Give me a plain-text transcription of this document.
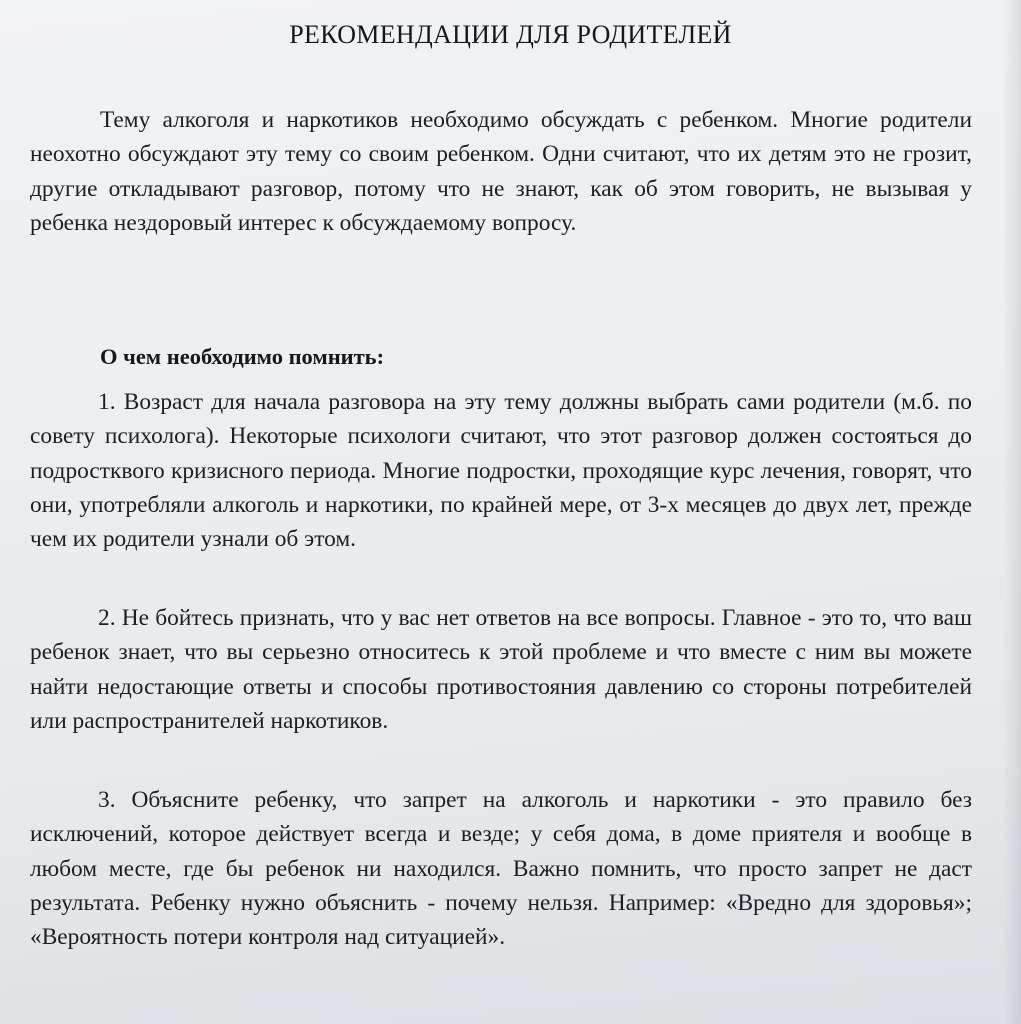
РЕКОМЕНДАЦИИ ДЛЯ РОДИТЕЛЕЙ

Тему алкоголя и наркотиков необходимо обсуждать с ребенком. Многие родители неохотно обсуждают эту тему со своим ребенком. Одни считают, что их детям это не грозит, другие откладывают разговор, потому что не знают, как об этом говорить, не вызывая у ребенка нездоровый интерес к обсуждаемому вопросу.

О чем необходимо помнить:

1. Возраст для начала разговора на эту тему должны выбрать сами родители (м.б. по совету психолога). Некоторые психологи считают, что этот разговор должен состояться до подростквого кризисного периода. Многие подростки, проходящие курс лечения, говорят, что они, употребляли алкоголь и наркотики, по крайней мере, от 3-х месяцев до двух лет, прежде чем их родители узнали об этом.

2. Не бойтесь признать, что у вас нет ответов на все вопросы. Главное - это то, что ваш ребенок знает, что вы серьезно относитесь к этой проблеме и что вместе с ним вы можете найти недостающие ответы и способы противостояния давлению со стороны потребителей или распространителей наркотиков.

3. Объясните ребенку, что запрет на алкоголь и наркотики - это правило без исключений, которое действует всегда и везде; у себя дома, в доме приятеля и вообще в любом месте, где бы ребенок ни находился. Важно помнить, что просто запрет не даст результата. Ребенку нужно объяснить - почему нельзя. Например: «Вредно для здоровья»; «Вероятность потери контроля над ситуацией».
